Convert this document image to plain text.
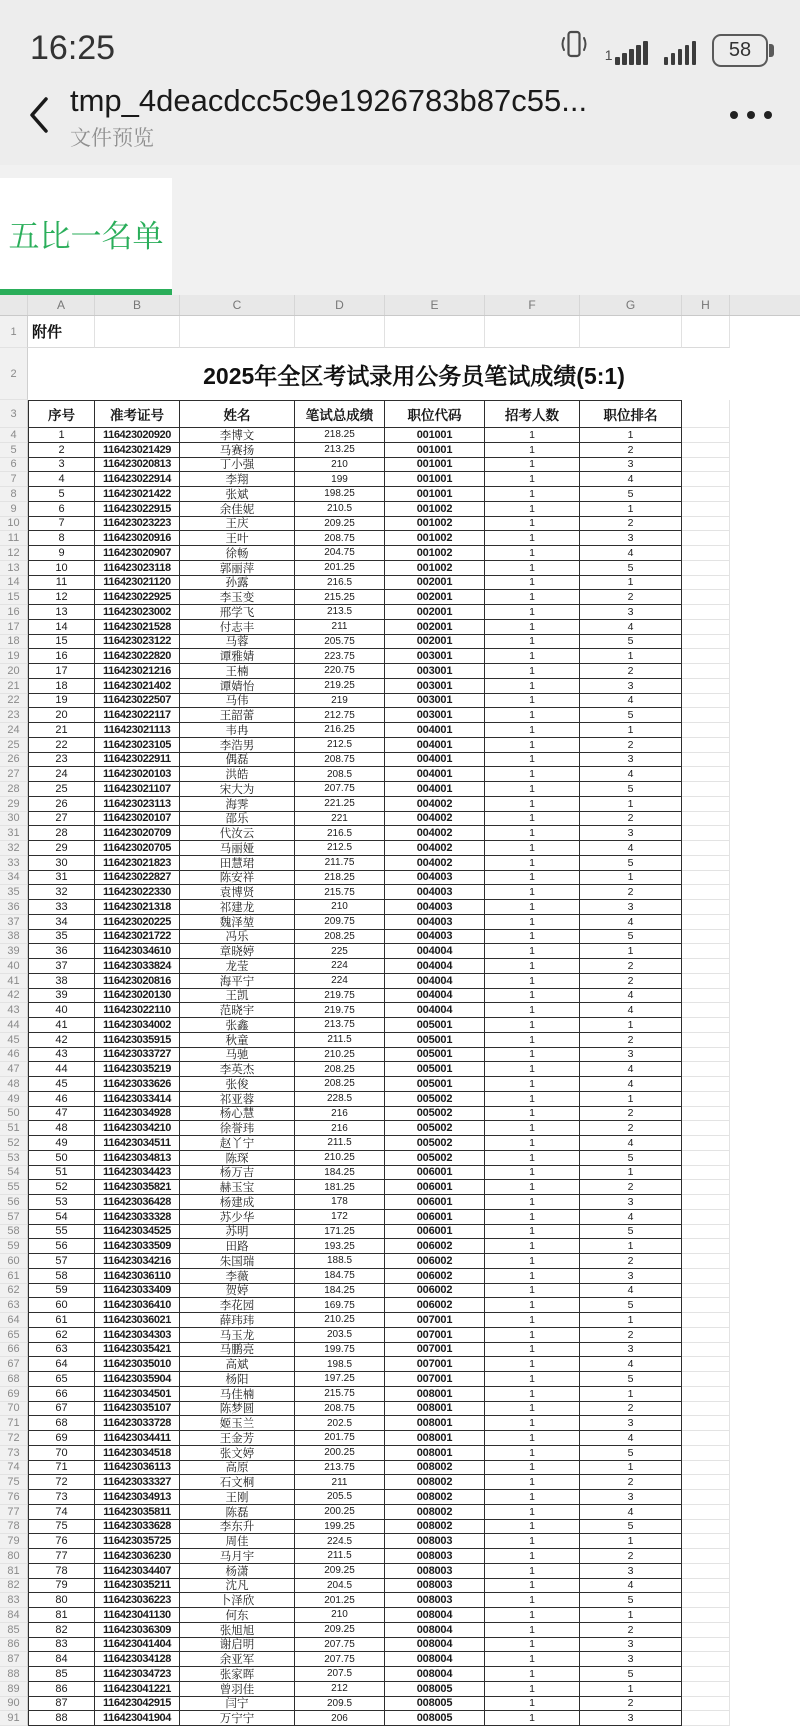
16:25	1	58
tmp_4deacdcc5c9e1926783b87c55...
文件预览
五比一名单
A	B	C	D	E	F	G	H
1	附件
2	2025年全区考试录用公务员笔试成绩(5:1)
3	序号	准考证号	姓名	笔试总成绩	职位代码	招考人数	职位排名
4	1	116423020920	李博文	218.25	001001	1	1
5	2	116423021429	马赛扬	213.25	001001	1	2
6	3	116423020813	丁小强	210	001001	1	3
7	4	116423022914	李翔	199	001001	1	4
8	5	116423021422	张斌	198.25	001001	1	5
9	6	116423022915	余佳妮	210.5	001002	1	1
10	7	116423023223	王庆	209.25	001002	1	2
11	8	116423020916	王叶	208.75	001002	1	3
12	9	116423020907	徐畅	204.75	001002	1	4
13	10	116423023118	郭丽萍	201.25	001002	1	5
14	11	116423021120	孙露	216.5	002001	1	1
15	12	116423022925	李玉变	215.25	002001	1	2
16	13	116423023002	邢学飞	213.5	002001	1	3
17	14	116423021528	付志丰	211	002001	1	4
18	15	116423023122	马蓉	205.75	002001	1	5
19	16	116423022820	谭雅婧	223.75	003001	1	1
20	17	116423021216	王楠	220.75	003001	1	2
21	18	116423021402	谭婧怡	219.25	003001	1	3
22	19	116423022507	马伟	219	003001	1	4
23	20	116423022117	王韶蕾	212.75	003001	1	5
24	21	116423021113	韦冉	216.25	004001	1	1
25	22	116423023105	李浩男	212.5	004001	1	2
26	23	116423022911	偶磊	208.75	004001	1	3
27	24	116423020103	洪皓	208.5	004001	1	4
28	25	116423021107	宋大为	207.75	004001	1	5
29	26	116423023113	海霁	221.25	004002	1	1
30	27	116423020107	邵乐	221	004002	1	2
31	28	116423020709	代汝云	216.5	004002	1	3
32	29	116423020705	马丽娅	212.5	004002	1	4
33	30	116423021823	田慧珺	211.75	004002	1	5
34	31	116423022827	陈安祥	218.25	004003	1	1
35	32	116423022330	袁博贤	215.75	004003	1	2
36	33	116423021318	祁建龙	210	004003	1	3
37	34	116423020225	魏泽堃	209.75	004003	1	4
38	35	116423021722	冯乐	208.25	004003	1	5
39	36	116423034610	章晓婷	225	004004	1	1
40	37	116423033824	龙莹	224	004004	1	2
41	38	116423020816	海平宁	224	004004	1	2
42	39	116423020130	王凯	219.75	004004	1	4
43	40	116423022110	范晓宇	219.75	004004	1	4
44	41	116423034002	张鑫	213.75	005001	1	1
45	42	116423035915	秋童	211.5	005001	1	2
46	43	116423033727	马驰	210.25	005001	1	3
47	44	116423035219	李英杰	208.25	005001	1	4
48	45	116423033626	张俊	208.25	005001	1	4
49	46	116423033414	祁亚蓉	228.5	005002	1	1
50	47	116423034928	杨心慧	216	005002	1	2
51	48	116423034210	徐誉玮	216	005002	1	2
52	49	116423034511	赵丫宁	211.5	005002	1	4
53	50	116423034813	陈琛	210.25	005002	1	5
54	51	116423034423	杨万吉	184.25	006001	1	1
55	52	116423035821	赫玉宝	181.25	006001	1	2
56	53	116423036428	杨建成	178	006001	1	3
57	54	116423033328	苏少华	172	006001	1	4
58	55	116423034525	苏明	171.25	006001	1	5
59	56	116423033509	田路	193.25	006002	1	1
60	57	116423034216	朱国瑞	188.5	006002	1	2
61	58	116423036110	李薇	184.75	006002	1	3
62	59	116423033409	贺婷	184.25	006002	1	4
63	60	116423036410	李花园	169.75	006002	1	5
64	61	116423036021	薛玮玮	210.25	007001	1	1
65	62	116423034303	马玉龙	203.5	007001	1	2
66	63	116423035421	马鹏亮	199.75	007001	1	3
67	64	116423035010	高斌	198.5	007001	1	4
68	65	116423035904	杨阳	197.25	007001	1	5
69	66	116423034501	马佳楠	215.75	008001	1	1
70	67	116423035107	陈梦圆	208.75	008001	1	2
71	68	116423033728	姬玉兰	202.5	008001	1	3
72	69	116423034411	王金芳	201.75	008001	1	4
73	70	116423034518	张文婷	200.25	008001	1	5
74	71	116423036113	高原	213.75	008002	1	1
75	72	116423033327	石文桐	211	008002	1	2
76	73	116423034913	王刚	205.5	008002	1	3
77	74	116423035811	陈磊	200.25	008002	1	4
78	75	116423033628	李东升	199.25	008002	1	5
79	76	116423035725	周佳	224.5	008003	1	1
80	77	116423036230	马月宇	211.5	008003	1	2
81	78	116423034407	杨潇	209.25	008003	1	3
82	79	116423035211	沈凡	204.5	008003	1	4
83	80	116423036223	卜泽欣	201.25	008003	1	5
84	81	116423041130	何东	210	008004	1	1
85	82	116423036309	张旭旭	209.25	008004	1	2
86	83	116423041404	谢启明	207.75	008004	1	3
87	84	116423034128	余亚军	207.75	008004	1	3
88	85	116423034723	张家晖	207.5	008004	1	5
89	86	116423041221	曾羽佳	212	008005	1	1
90	87	116423042915	闫宁	209.5	008005	1	2
91	88	116423041904	万宁宁	206	008005	1	3
